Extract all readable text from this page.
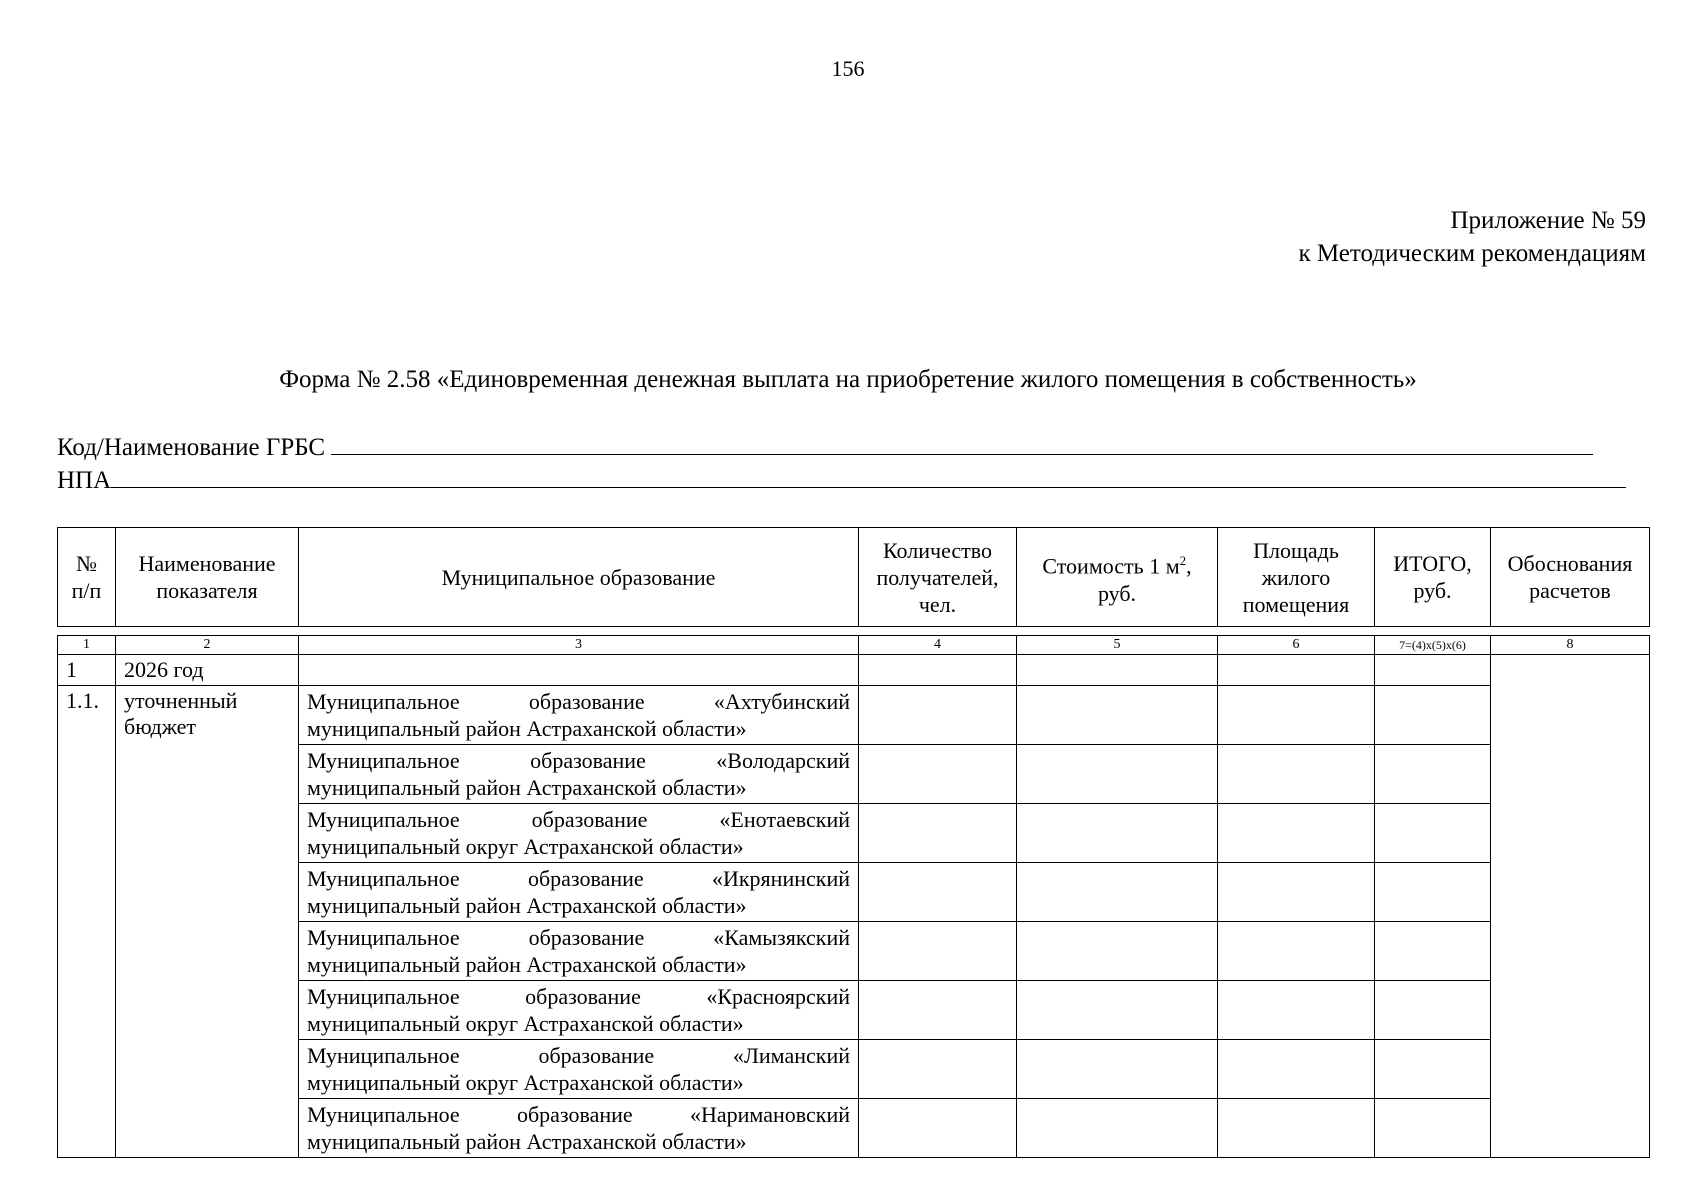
156
Приложение № 59
к Методическим рекомендациям
Форма № 2.58 «Единовременная денежная выплата на приобретение жилого помещения в собственность»
Код/Наименование ГРБС
НПА
№ п/п	Наименование показателя	Муниципальное образование	Количество получателей, чел.	Стоимость 1 $м^2$, руб.	Площадь жилого помещения	ИТОГО, руб.	Обоснования расчетов

1	2	3	4	5	6	7=(4)х(5)х(6)	8
1	2026 год						
1.1.	уточненный бюджет	Муниципальное образование «Ахтубинский муниципальный район Астраханской области»					
		Муниципальное образование «Володарский муниципальный район Астраханской области»					
		Муниципальное образование «Енотаевский муниципальный округ Астраханской области»					
		Муниципальное образование «Икрянинский муниципальный район Астраханской области»					
		Муниципальное образование «Камызякский муниципальный район Астраханской области»					
		Муниципальное образование «Красноярский муниципальный округ Астраханской области»					
		Муниципальное образование «Лиманский муниципальный округ Астраханской области»					
		Муниципальное образование «Наримановский муниципальный район Астраханской области»					
